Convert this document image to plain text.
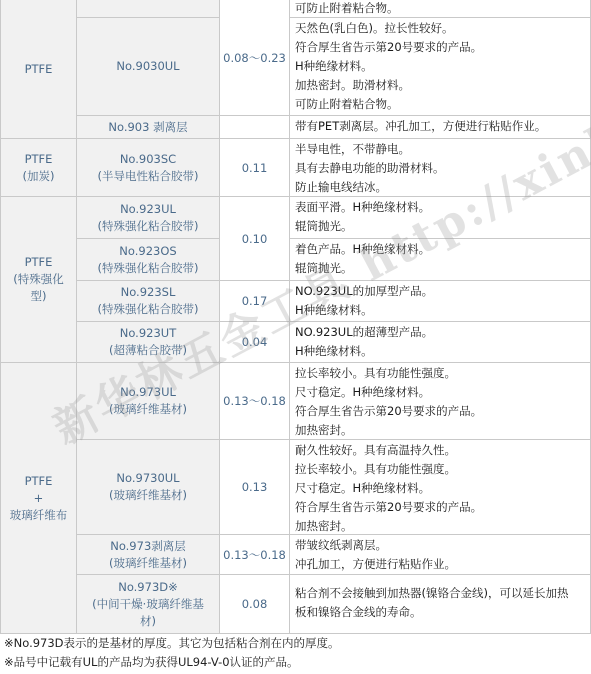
PTFE	No.9030UL
0.08～0.23
可防止附着粘合物。
天然色(乳白色)。拉长性较好。
符合厚生省告示第20号要求的产品。
H种绝缘材料。
加热密封。助滑材料。
可防止附着粘合物。
No.903 剥离层	带有PET剥离层。冲孔加工，方便进行粘贴作业。
PTFE
(加炭)
No.903SC
(半导电性粘合胶带)
0.11
半导电性，不带静电。
具有去静电功能的助滑材料。
防止输电线结冰。
PTFE
(特殊强化
型)
No.923UL
(特殊强化粘合胶带)
No.923OS
(特殊强化粘合胶带)
0.10
表面平滑。H种绝缘材料。
辊筒抛光。
着色产品。H种绝缘材料。
辊筒抛光。
No.923SL
(特殊强化粘合胶带)
0.17
NO.923UL的加厚型产品。
H种绝缘材料。
No.923UT
(超薄粘合胶带)
0.04
NO.923UL的超薄型产品。
H种绝缘材料。
PTFE
+
玻璃纤维布
No.973UL
(玻璃纤维基材)
0.13～0.18
拉长率较小。具有功能性强度。
尺寸稳定。H种绝缘材料。
符合厚生省告示第20号要求的产品。
加热密封。
No.9730UL
(玻璃纤维基材)
0.13
耐久性较好。具有高温持久性。
拉长率较小。具有功能性强度。
尺寸稳定。H种绝缘材料。
符合厚生省告示第20号要求的产品。
加热密封。
No.973剥离层
(玻璃纤维基材)
0.13～0.18
带皱纹纸剥离层。
冲孔加工，方便进行粘贴作业。
No.973D※
(中间干燥·玻璃纤维基
材)
0.08
粘合剂不会接触到加热器(镍铬合金线)，可以延长加热
板和镍铬合金线的寿命。
※No.973D表示的是基材的厚度。其它为包括粘合剂在内的厚度。
※品号中记载有UL的产品均为获得UL94-V-0认证的产品。
新华林五金工具
